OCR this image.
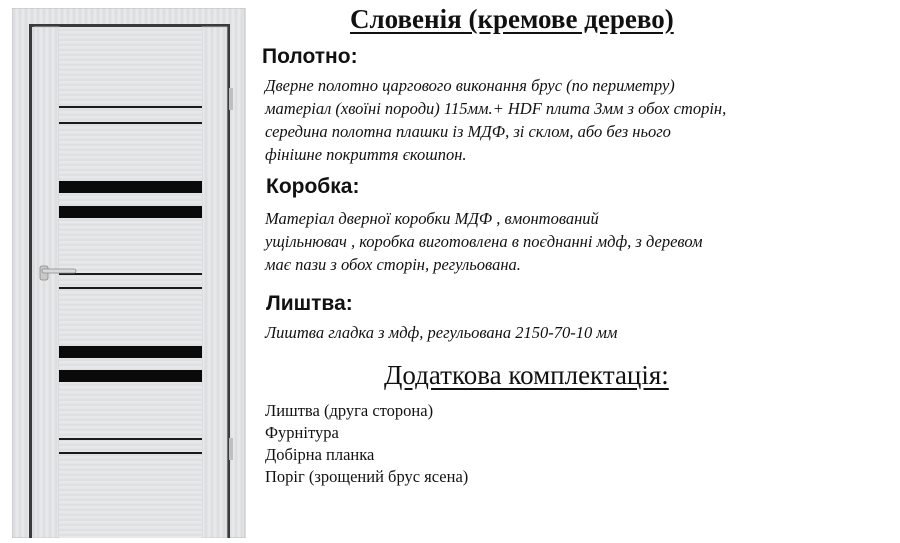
Словенія (кремове дерево)
Полотно:
Дверне полотно царгового виконання брус (по периметру)
матеріал (хвоїні породи) 115мм.+ HDF плита 3мм з обох сторін,
середина полотна плашки із МДФ, зі склом, або без нього
фінішне покриття єкошпон.
Коробка:
Матеріал дверної коробки МДФ , вмонтований
ущільнювач , коробка виготовлена в поєднанні мдф, з деревом
має пази з обох сторін, регульована.
Лиштва:
Лиштва гладка з мдф, регульована 2150-70-10 мм
Додаткова комплектація:
Лиштва (друга сторона)
Фурнітура
Добірна планка
Поріг (зрощений брус ясена)
